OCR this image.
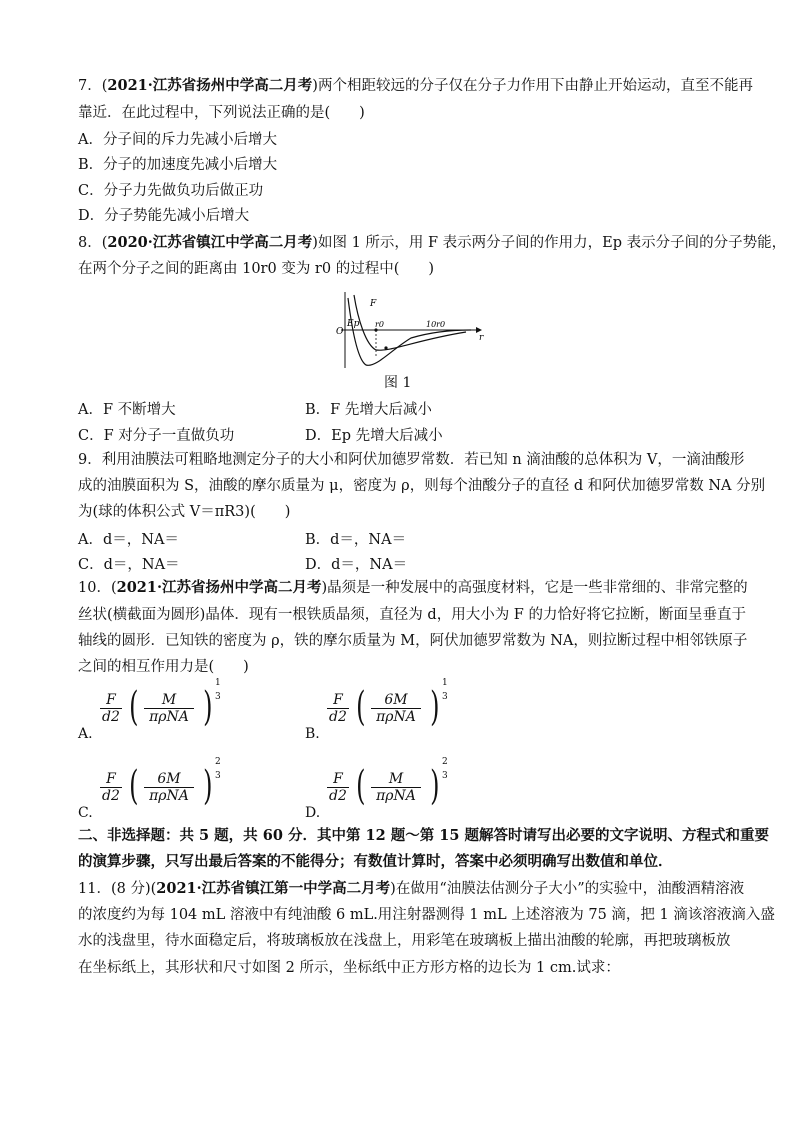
7．(2021·江苏省扬州中学高二月考)两个相距较远的分子仅在分子力作用下由静止开始运动，直至不能再
靠近．在此过程中，下列说法正确的是(　　)
A．分子间的斥力先减小后增大
B．分子的加速度先减小后增大
C．分子力先做负功后做正功
D．分子势能先减小后增大
8．(2020·江苏省镇江中学高二月考)如图 1 所示，用 F 表示两分子间的作用力，Ep 表示分子间的分子势能，
在两个分子之间的距离由 10r0 变为 r0 的过程中(　　)
F
Ep
O
r0	10r0
r
图 1
A．F 不断增大	B．F 先增大后减小
C．F 对分子一直做负功	D．Ep 先增大后减小
9．利用油膜法可粗略地测定分子的大小和阿伏加德罗常数．若已知 n 滴油酸的总体积为 V，一滴油酸形
成的油膜面积为 S，油酸的摩尔质量为 μ，密度为 ρ，则每个油酸分子的直径 d 和阿伏加德罗常数 NA 分别
为(球的体积公式 V＝πR3)(　　)
A．d＝，NA＝	B．d＝，NA＝
C．d＝，NA＝	D．d＝，NA＝
10．(2021·江苏省扬州中学高二月考)晶须是一种发展中的高强度材料，它是一些非常细的、非常完整的
丝状(横截面为圆形)晶体．现有一根铁质晶须，直径为 d，用大小为 F 的力恰好将它拉断，断面呈垂直于
轴线的圆形．已知铁的密度为 ρ，铁的摩尔质量为 M，阿伏加德罗常数为 NA，则拉断过程中相邻铁原子
之间的相互作用力是(　　)
A.
$\frac{F}{d2}$ (	M
πρNA )
1
3
B.
$\frac{F}{d2}$ (	6M
πρNA )
1
3
C.
$\frac{F}{d2}$ (	6M
πρNA )
2
3
D.
$\frac{F}{d2}$ (	M
πρNA )
2
3
二、非选择题：共 5 题，共 60 分．其中第 12 题～第 15 题解答时请写出必要的文字说明、方程式和重要
的演算步骤，只写出最后答案的不能得分；有数值计算时，答案中必须明确写出数值和单位．
11．(8 分)(2021·江苏省镇江第一中学高二月考)在做用“油膜法估测分子大小”的实验中，油酸酒精溶液
的浓度约为每 104 mL 溶液中有纯油酸 6 mL.用注射器测得 1 mL 上述溶液为 75 滴，把 1 滴该溶液滴入盛
水的浅盘里，待水面稳定后，将玻璃板放在浅盘上，用彩笔在玻璃板上描出油酸的轮廓，再把玻璃板放
在坐标纸上，其形状和尺寸如图 2 所示，坐标纸中正方形方格的边长为 1 cm.试求：
